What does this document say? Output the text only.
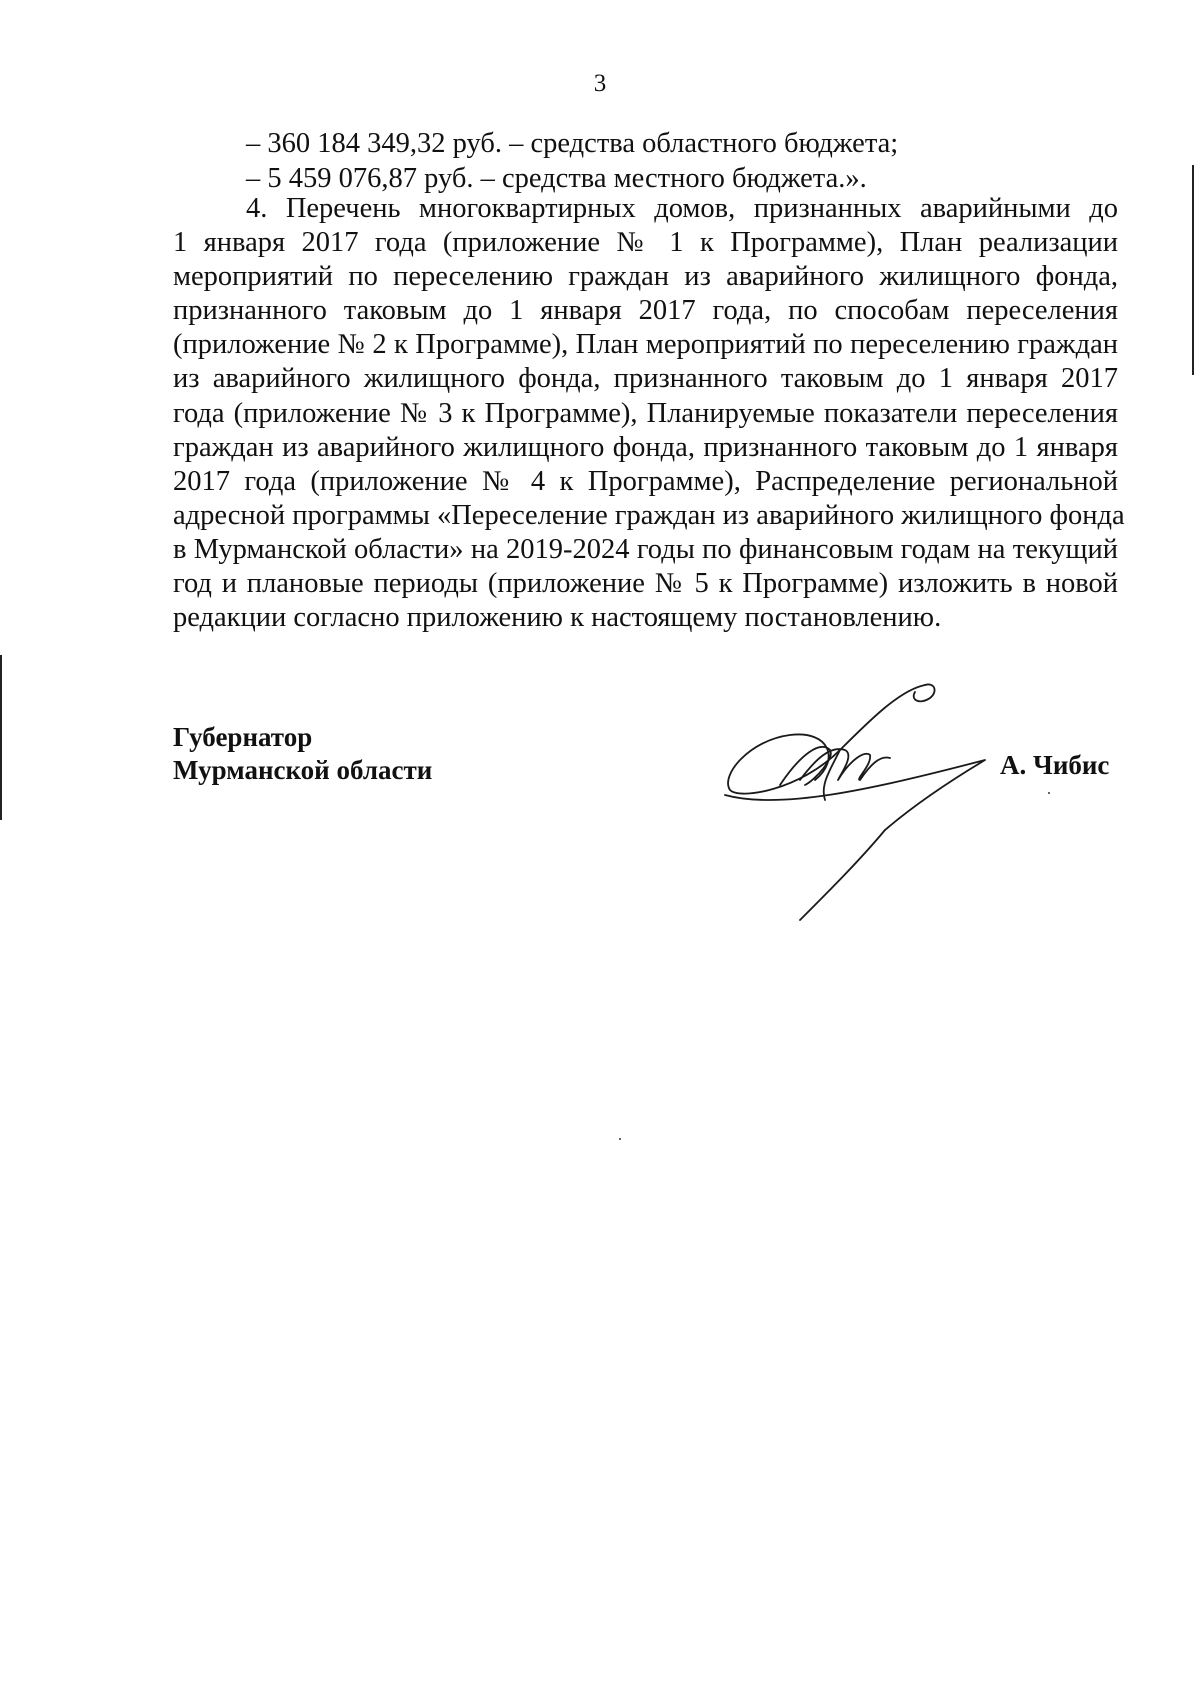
3
– 360 184 349,32 руб. – средства областного бюджета;
– 5 459 076,87 руб. – средства местного бюджета.».
4. Перечень многоквартирных домов, признанных аварийными до
1 января 2017 года (приложение № 1 к Программе), План реализации
мероприятий по переселению граждан из аварийного жилищного фонда,
признанного таковым до 1 января 2017 года, по способам переселения
(приложение № 2 к Программе), План мероприятий по переселению граждан
из аварийного жилищного фонда, признанного таковым до 1 января 2017
года (приложение № 3 к Программе), Планируемые показатели переселения
граждан из аварийного жилищного фонда, признанного таковым до 1 января
2017 года (приложение № 4 к Программе), Распределение региональной
адресной программы «Переселение граждан из аварийного жилищного фонда
в Мурманской области» на 2019-2024 годы по финансовым годам на текущий
год и плановые периоды (приложение № 5 к Программе) изложить в новой
редакции согласно приложению к настоящему постановлению.
Губернатор
Мурманской области	А. Чибис
